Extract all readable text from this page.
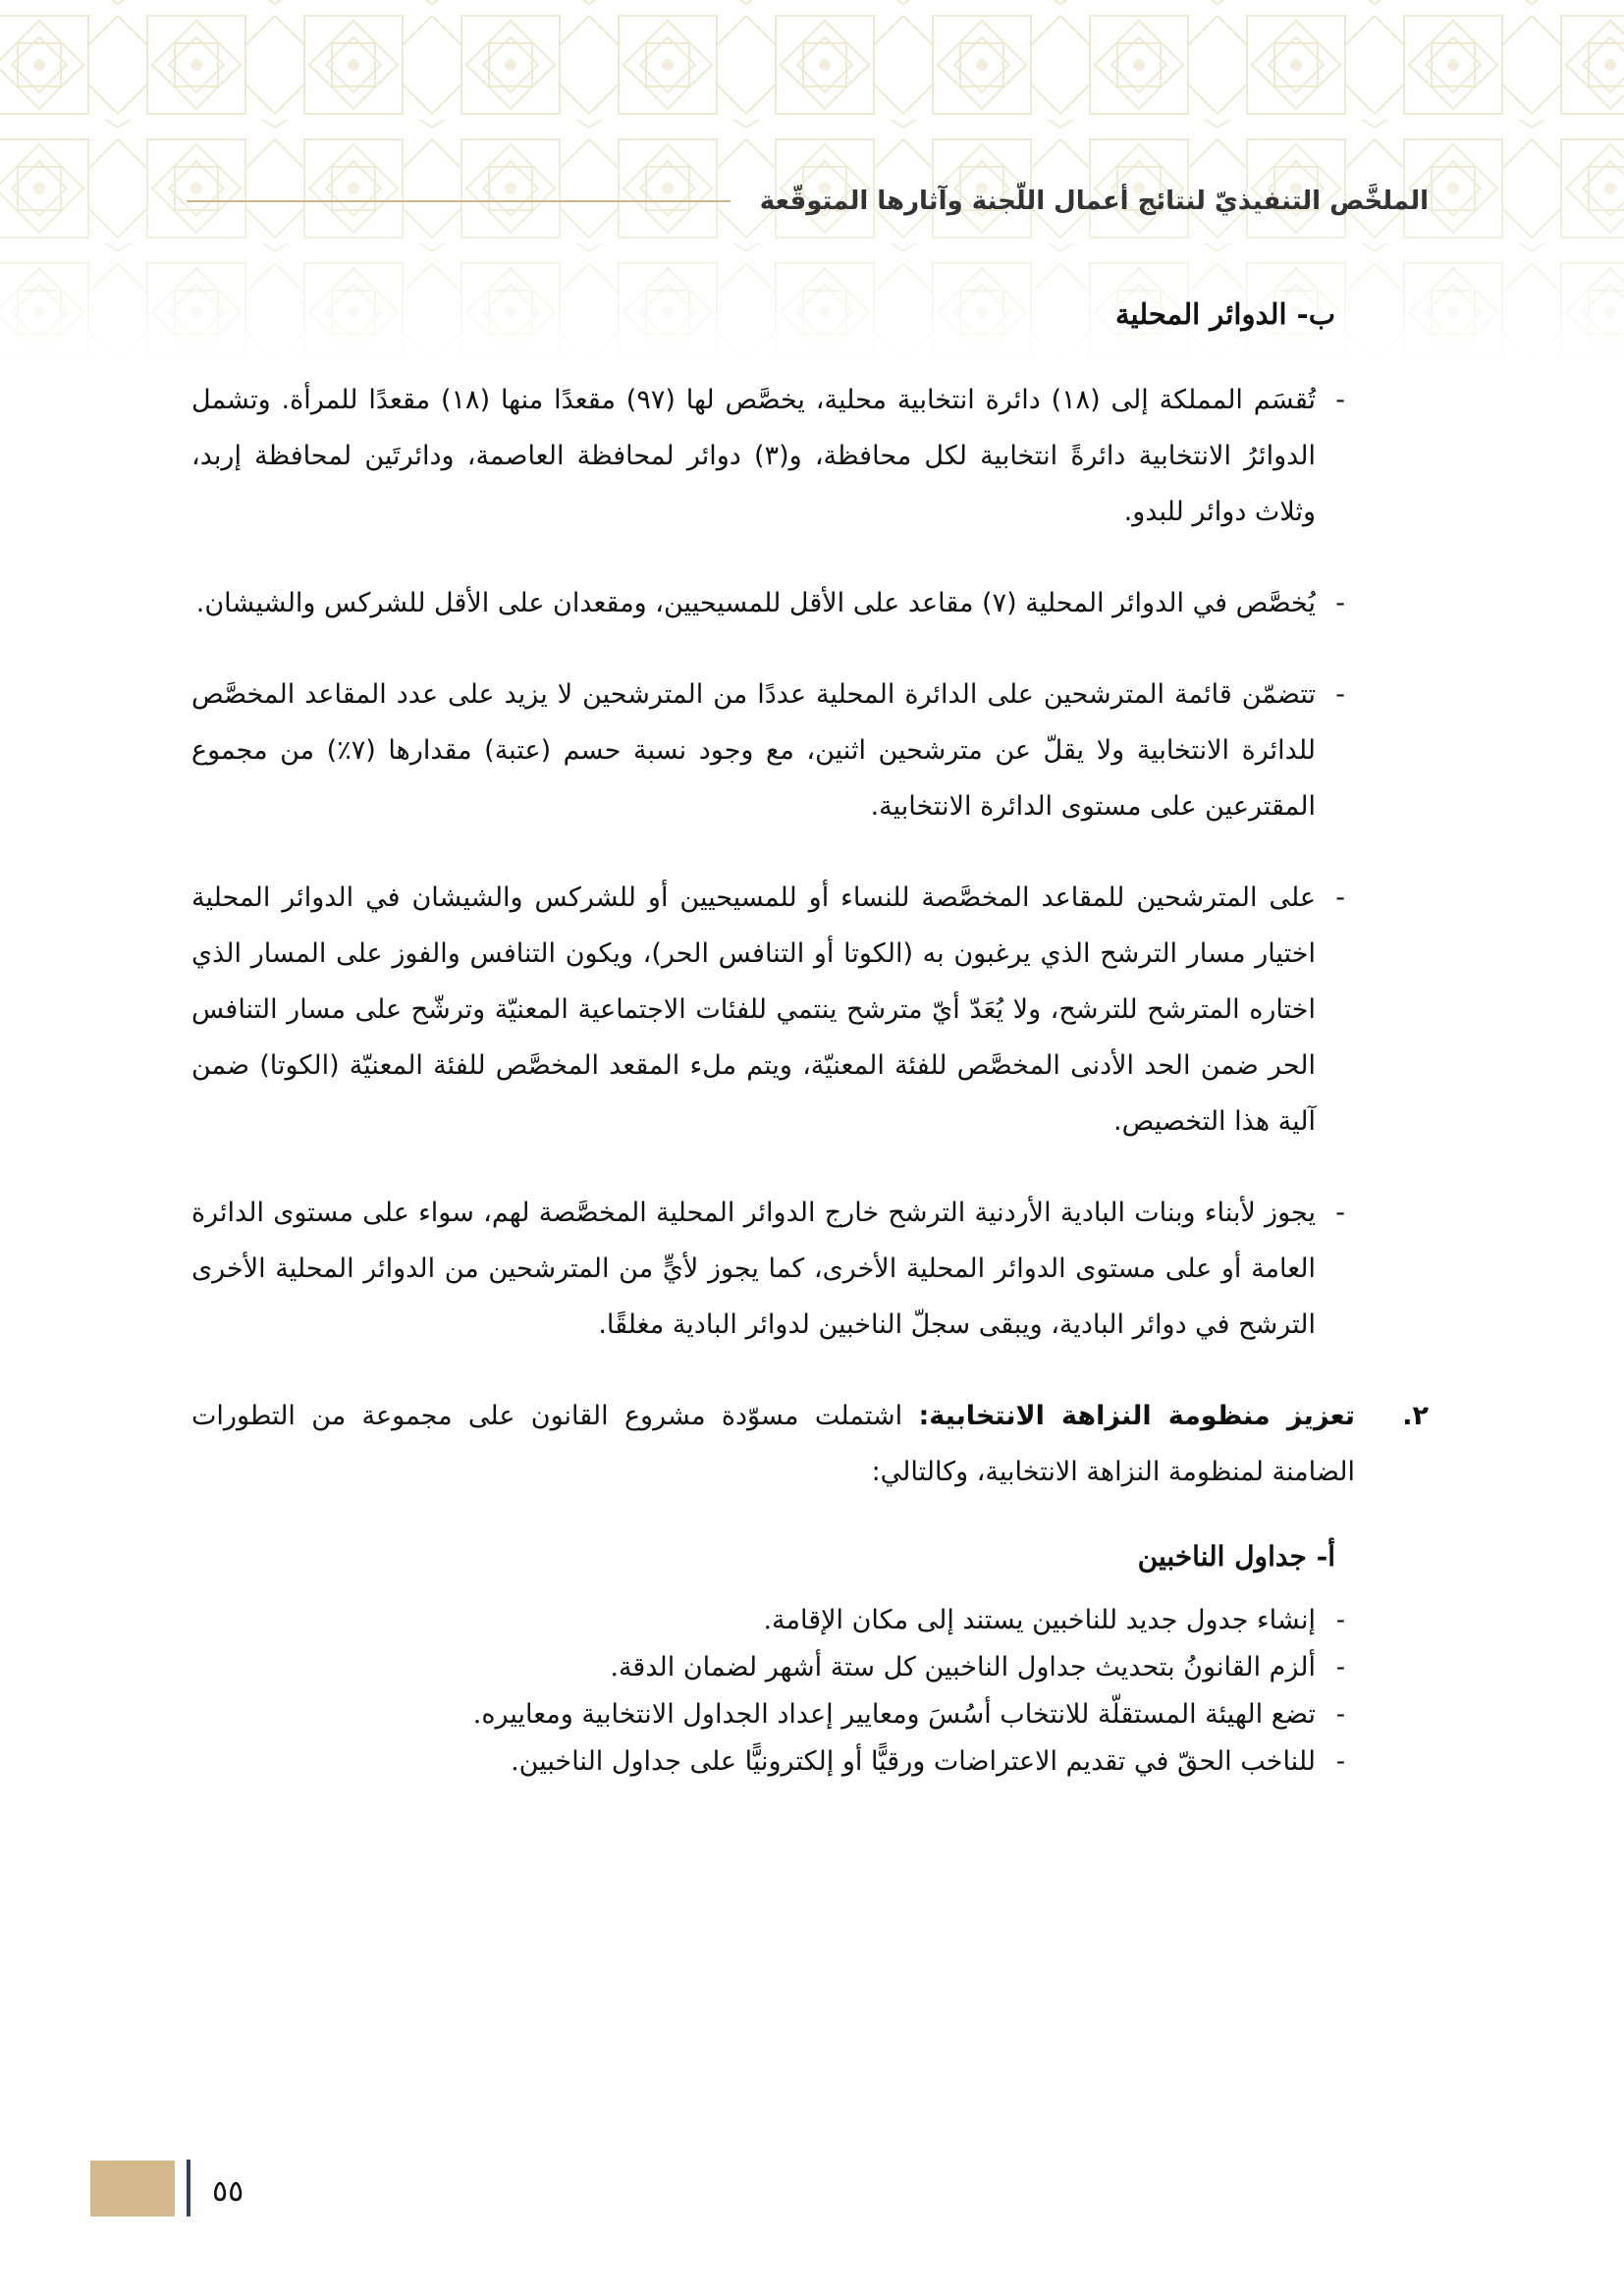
الملخَّص التنفيذيّ لنتائج أعمال اللّجنة وآثارها المتوقّعة
ب- الدوائر المحلية
-
تُقسَم المملكة إلى (١٨) دائرة انتخابية محلية، يخصَّص لها (٩٧) مقعدًا منها (١٨) مقعدًا للمرأة. وتشمل الدوائرُ الانتخابية دائرةً انتخابية لكل محافظة، و(٣) دوائر لمحافظة العاصمة، ودائرتَين لمحافظة إربد، وثلاث دوائر للبدو.
-
يُخصَّص في الدوائر المحلية (٧) مقاعد على الأقل للمسيحيين، ومقعدان على الأقل للشركس والشيشان.
-
تتضمّن قائمة المترشحين على الدائرة المحلية عددًا من المترشحين لا يزيد على عدد المقاعد المخصَّص للدائرة الانتخابية ولا يقلّ عن مترشحين اثنين، مع وجود نسبة حسم (عتبة) مقدارها (٧٪) من مجموع المقترعين على مستوى الدائرة الانتخابية.
-
على المترشحين للمقاعد المخصَّصة للنساء أو للمسيحيين أو للشركس والشيشان في الدوائر المحلية اختيار مسار الترشح الذي يرغبون به (الكوتا أو التنافس الحر)، ويكون التنافس والفوز على المسار الذي اختاره المترشح للترشح، ولا يُعَدّ أيّ مترشح ينتمي للفئات الاجتماعية المعنيّة وترشّح على مسار التنافس الحر ضمن الحد الأدنى المخصَّص للفئة المعنيّة، ويتم ملء المقعد المخصَّص للفئة المعنيّة (الكوتا) ضمن آلية هذا التخصيص.
-
يجوز لأبناء وبنات البادية الأردنية الترشح خارج الدوائر المحلية المخصَّصة لهم، سواء على مستوى الدائرة العامة أو على مستوى الدوائر المحلية الأخرى، كما يجوز لأيٍّ من المترشحين من الدوائر المحلية الأخرى الترشح في دوائر البادية، ويبقى سجلّ الناخبين لدوائر البادية مغلقًا.

٢.
تعزيز منظومة النزاهة الانتخابية: اشتملت مسوّدة مشروع القانون على مجموعة من التطورات الضامنة لمنظومة النزاهة الانتخابية، وكالتالي:

أ- جداول الناخبين
-
إنشاء جدول جديد للناخبين يستند إلى مكان الإقامة.
-
ألزم القانونُ بتحديث جداول الناخبين كل ستة أشهر لضمان الدقة.
-
تضع الهيئة المستقلّة للانتخاب أسُسَ ومعايير إعداد الجداول الانتخابية ومعاييره.
-
للناخب الحقّ في تقديم الاعتراضات ورقيًّا أو إلكترونيًّا على جداول الناخبين.
٥٥
